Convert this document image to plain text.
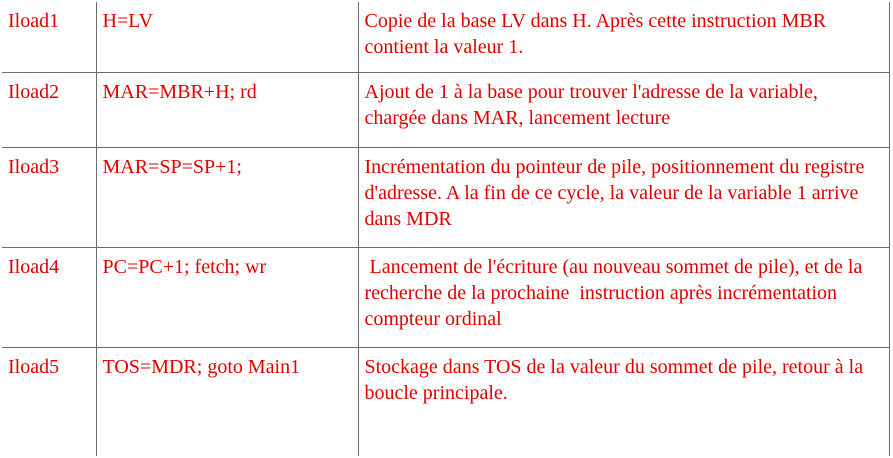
Iload1	H=LV	Copie de la base LV dans H. Après cette instruction MBR contient la valeur 1.
Iload2	MAR=MBR+H; rd	Ajout de 1 à la base pour trouver l'adresse de la variable, chargée dans MAR, lancement lecture
Iload3	MAR=SP=SP+1;	Incrémentation du pointeur de pile, positionnement du registre d'adresse. A la fin de ce cycle, la valeur de la variable 1 arrive dans MDR
Iload4	PC=PC+1; fetch; wr	Lancement de l'écriture (au nouveau sommet de pile), et de la recherche de la prochaine  instruction après incrémentation compteur ordinal
Iload5	TOS=MDR; goto Main1	Stockage dans TOS de la valeur du sommet de pile, retour à la boucle principale.
